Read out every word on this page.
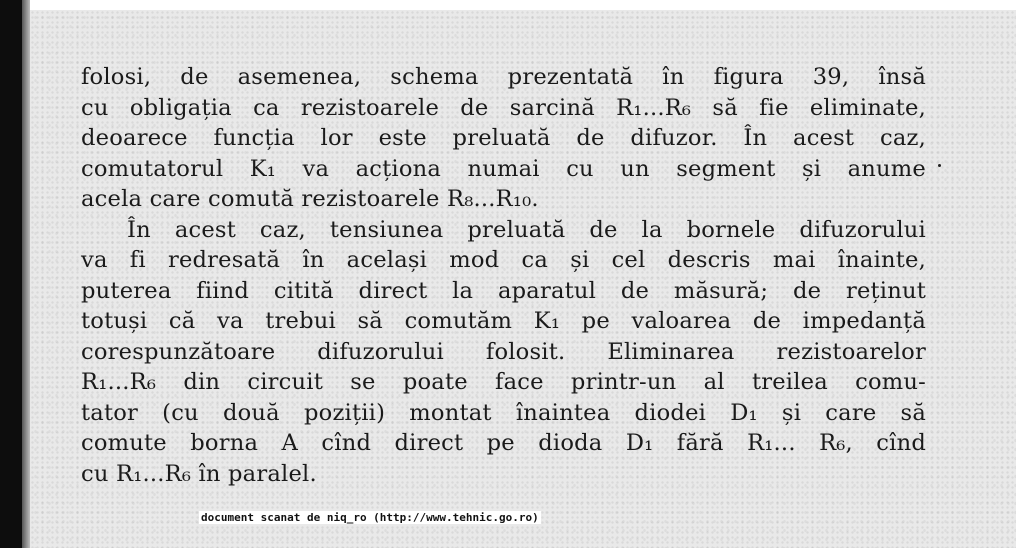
folosi, de asemenea, schema prezentată în figura 39, însă
cu obligația ca rezistoarele de sarcină R₁...R₆ să fie eliminate,
deoarece funcția lor este preluată de difuzor. În acest caz,
comutatorul K₁ va acționa numai cu un segment și anume
acela care comută rezistoarele R₈...R₁₀.
În acest caz, tensiunea preluată de la bornele difuzorului
va fi redresată în același mod ca și cel descris mai înainte,
puterea fiind citită direct la aparatul de măsură; de reținut
totuși că va trebui să comutăm K₁ pe valoarea de impedanță
corespunzătoare difuzorului folosit. Eliminarea rezistoarelor
R₁...R₆ din circuit se poate face printr-un al treilea comu-
tator (cu două poziții) montat înaintea diodei D₁ și care să
comute borna A cînd direct pe dioda D₁ fără R₁... R₆, cînd
cu R₁...R₆ în paralel.
document scanat de niq_ro (http://www.tehnic.go.ro)
